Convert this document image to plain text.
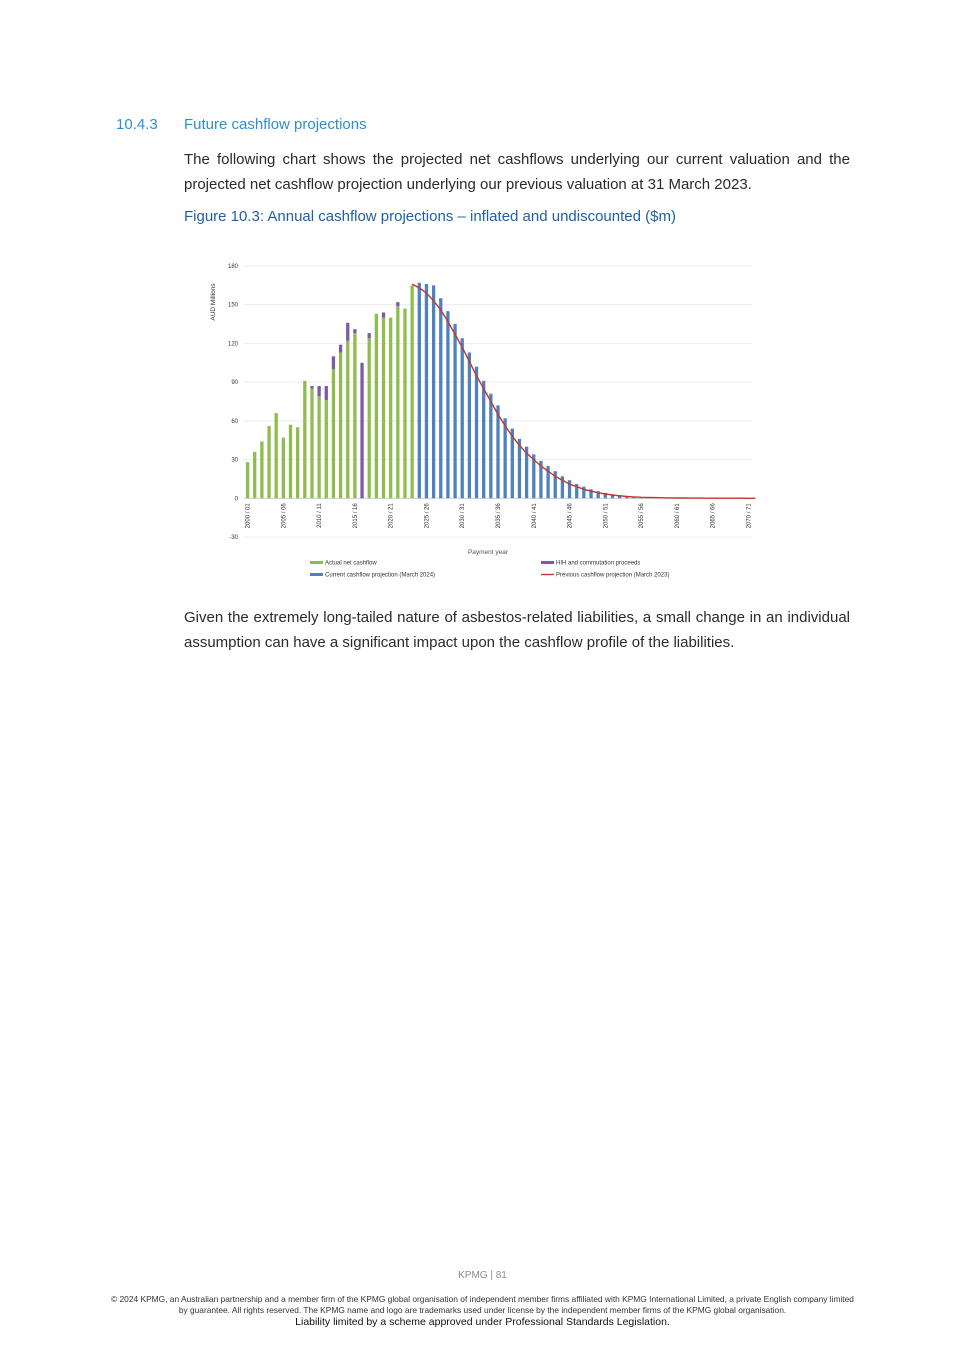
10.4.3 Future cashflow projections
The following chart shows the projected net cashflows underlying our current valuation and the projected net cashflow projection underlying our previous valuation at 31 March 2023.
Figure 10.3: Annual cashflow projections – inflated and undiscounted ($m)
-30
0
30
60
90
120
150
180
AUD Millions
2000 / 01	2005 / 06	2010 / 11	2015 / 16	2020 / 21	2025 / 26	2030 / 31	2035 / 36	2040 / 41	2045 / 46	2050 / 51	2055 / 56	2060 / 61	2065 / 66	2070 / 71
Payment year
Actual net cashflow	HIH and commutation proceeds
Current cashflow projection (March 2024)	Previous cashflow projection (March 2023)
Given the extremely long-tailed nature of asbestos-related liabilities, a small change in an individual assumption can have a significant impact upon the cashflow profile of the liabilities.
KPMG | 81
© 2024 KPMG, an Australian partnership and a member firm of the KPMG global organisation of independent member firms affiliated with KPMG International Limited, a private English company limited by guarantee. All rights reserved. The KPMG name and logo are trademarks used under license by the independent member firms of the KPMG global organisation.
Liability limited by a scheme approved under Professional Standards Legislation.
